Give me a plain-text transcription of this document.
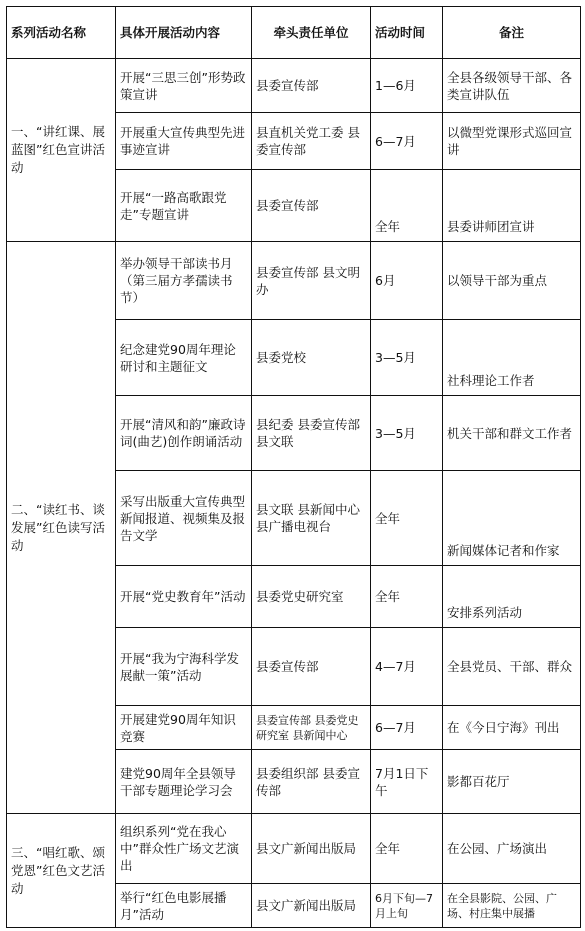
系列活动名称	具体开展活动内容	牵头责任单位	活动时间	备注
一、“讲红课、展蓝图”红色宣讲活动	开展“三思三创”形势政策宣讲	县委宣传部	1—6月	全县各级领导干部、各类宣讲队伍
	开展重大宣传典型先进事迹宣讲	县直机关党工委 县委宣传部	6—7月	以微型党课形式巡回宣讲
	开展“一路高歌跟党走”专题宣讲	县委宣传部	全年	县委讲师团宣讲
二、“读红书、谈发展”红色读写活动	举办领导干部读书月（第三届方孝孺读书节）	县委宣传部 县文明办	6月	以领导干部为重点
	纪念建党90周年理论研讨和主题征文	县委党校	3—5月	社科理论工作者
	开展“清风和韵”廉政诗词(曲艺)创作朗诵活动	县纪委 县委宣传部 县文联	3—5月	机关干部和群文工作者
	采写出版重大宣传典型新闻报道、视频集及报告文学	县文联 县新闻中心 县广播电视台	全年	新闻媒体记者和作家
	开展“党史教育年”活动	县委党史研究室	全年	安排系列活动
	开展“我为宁海科学发展献一策”活动	县委宣传部	4—7月	全县党员、干部、群众
	开展建党90周年知识竞赛	县委宣传部 县委党史研究室 县新闻中心	6—7月	在《今日宁海》刊出
	建党90周年全县领导干部专题理论学习会	县委组织部 县委宣传部	7月1日下午	影都百花厅
三、“唱红歌、颂党恩”红色文艺活动	组织系列“党在我心中”群众性广场文艺演出	县文广新闻出版局	全年	在公园、广场演出
	举行“红色电影展播月”活动	县文广新闻出版局	6月下旬—7月上旬	在全县影院、公园、广场、村庄集中展播
